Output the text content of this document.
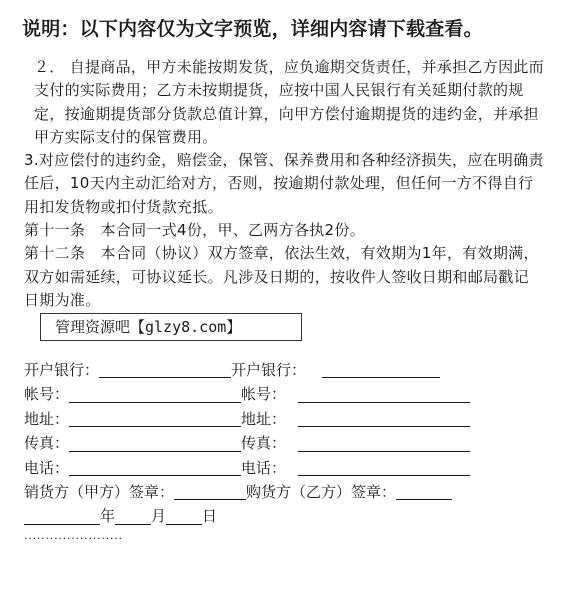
说明：以下内容仅为文字预览，详细内容请下载查看。

２． 自提商品，甲方未能按期发货，应负逾期交货责任，并承担乙方因此而支付的实际费用；乙方未按期提货，应按中国人民银行有关延期付款的规定，按逾期提货部分货款总值计算，向甲方偿付逾期提货的违约金，并承担甲方实际支付的保管费用。

3.对应偿付的违约金，赔偿金，保管、保养费用和各种经济损失，应在明确责任后，10天内主动汇给对方，否则，按逾期付款处理，但任何一方不得自行用扣发货物或扣付货款充抵。

第十一条　本合同一式4份，甲、乙两方各执2份。

第十二条　本合同（协议）双方签章，依法生效，有效期为1年，有效期满，双方如需延续，可协议延长。凡涉及日期的，按收件人签收日期和邮局戳记日期为准。

管理资源吧【glzy8.com】
开户银行：	开户银行：
帐号：	帐号：
地址：	地址：
传真：	传真：
电话：	电话：
销货方（甲方）签章：	购货方（乙方）签章：
年 月 日
·······················
